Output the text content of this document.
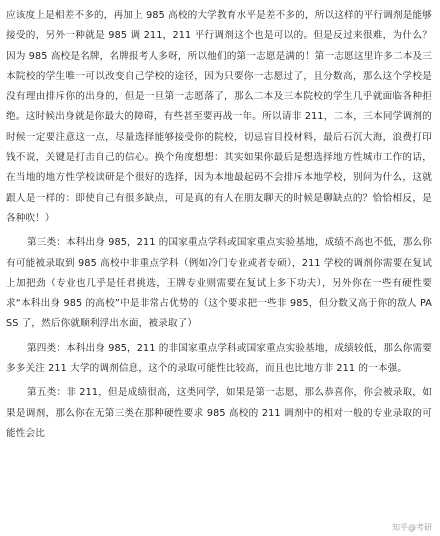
应该度上是相差不多的，再加上 985 高校的大学教育水平是差不多的，所以这样的平行调剂是能够接受的，另外一种就是 985 调 211，211 平行调剂这个也是可以的。但是反过来很难，为什么？因为 985 高校是名牌，名牌报考人多呀，所以他们的第一志愿是满的！第一志愿这里许多二本及三本院校的学生唯一可以改变自己学校的途径，因为只要你一志愿过了，且分数高，那么这个学校是没有理由排斥你的出身的，但是一旦第一志愿落了，那么二本及三本院校的学生几乎就面临各种拒绝。这时候出身就是你最大的障碍，有些甚至要再战一年。所以请非 211，二本，三本同学调剂的时候一定要注意这一点，尽量选择能够接受你的院校，切忌盲目投材料，最后石沉大海，浪费打印钱不说，关键是打击自己的信心。换个角度想想：其实如果你最后是想选择地方性城市工作的话，在当地的地方性学校读研是个很好的选择，因为本地最起码不会排斥本地学校，别问为什么，这就跟人是一样的：即使自己有很多缺点，可是真的有人在朋友聊天的时候是聊缺点的？恰恰相反，是各种吹！）

第三类：本科出身 985，211 的国家重点学科或国家重点实验基地，成绩不高也不低，那么你有可能被录取到 985 高校中非重点学科（例如冷门专业或者专硕），211 学校的调剂你需要在复试上加把劲（专业也几乎是任君挑选，王牌专业则需要在复试上多下功夫），另外你在一些有硬性要求“本科出身 985 的高校”中是非常占优势的（这个要求把一些非 985，但分数又高于你的敌人 PASS 了，然后你就顺利浮出水面，被录取了）

第四类：本科出身 985，211 的非国家重点学科或国家重点实验基地，成绩较低，那么你需要多多关注 211 大学的调剂信息，这个的录取可能性比较高，而且也比地方非 211 的一本强。

第五类：非 211，但是成绩很高，这类同学，如果是第一志愿，那么恭喜你，你会被录取，如果是调剂，那么你在无第三类在那种硬性要求 985 高校的 211 调剂中的相对一般的专业录取的可能性会比

知乎@考研
